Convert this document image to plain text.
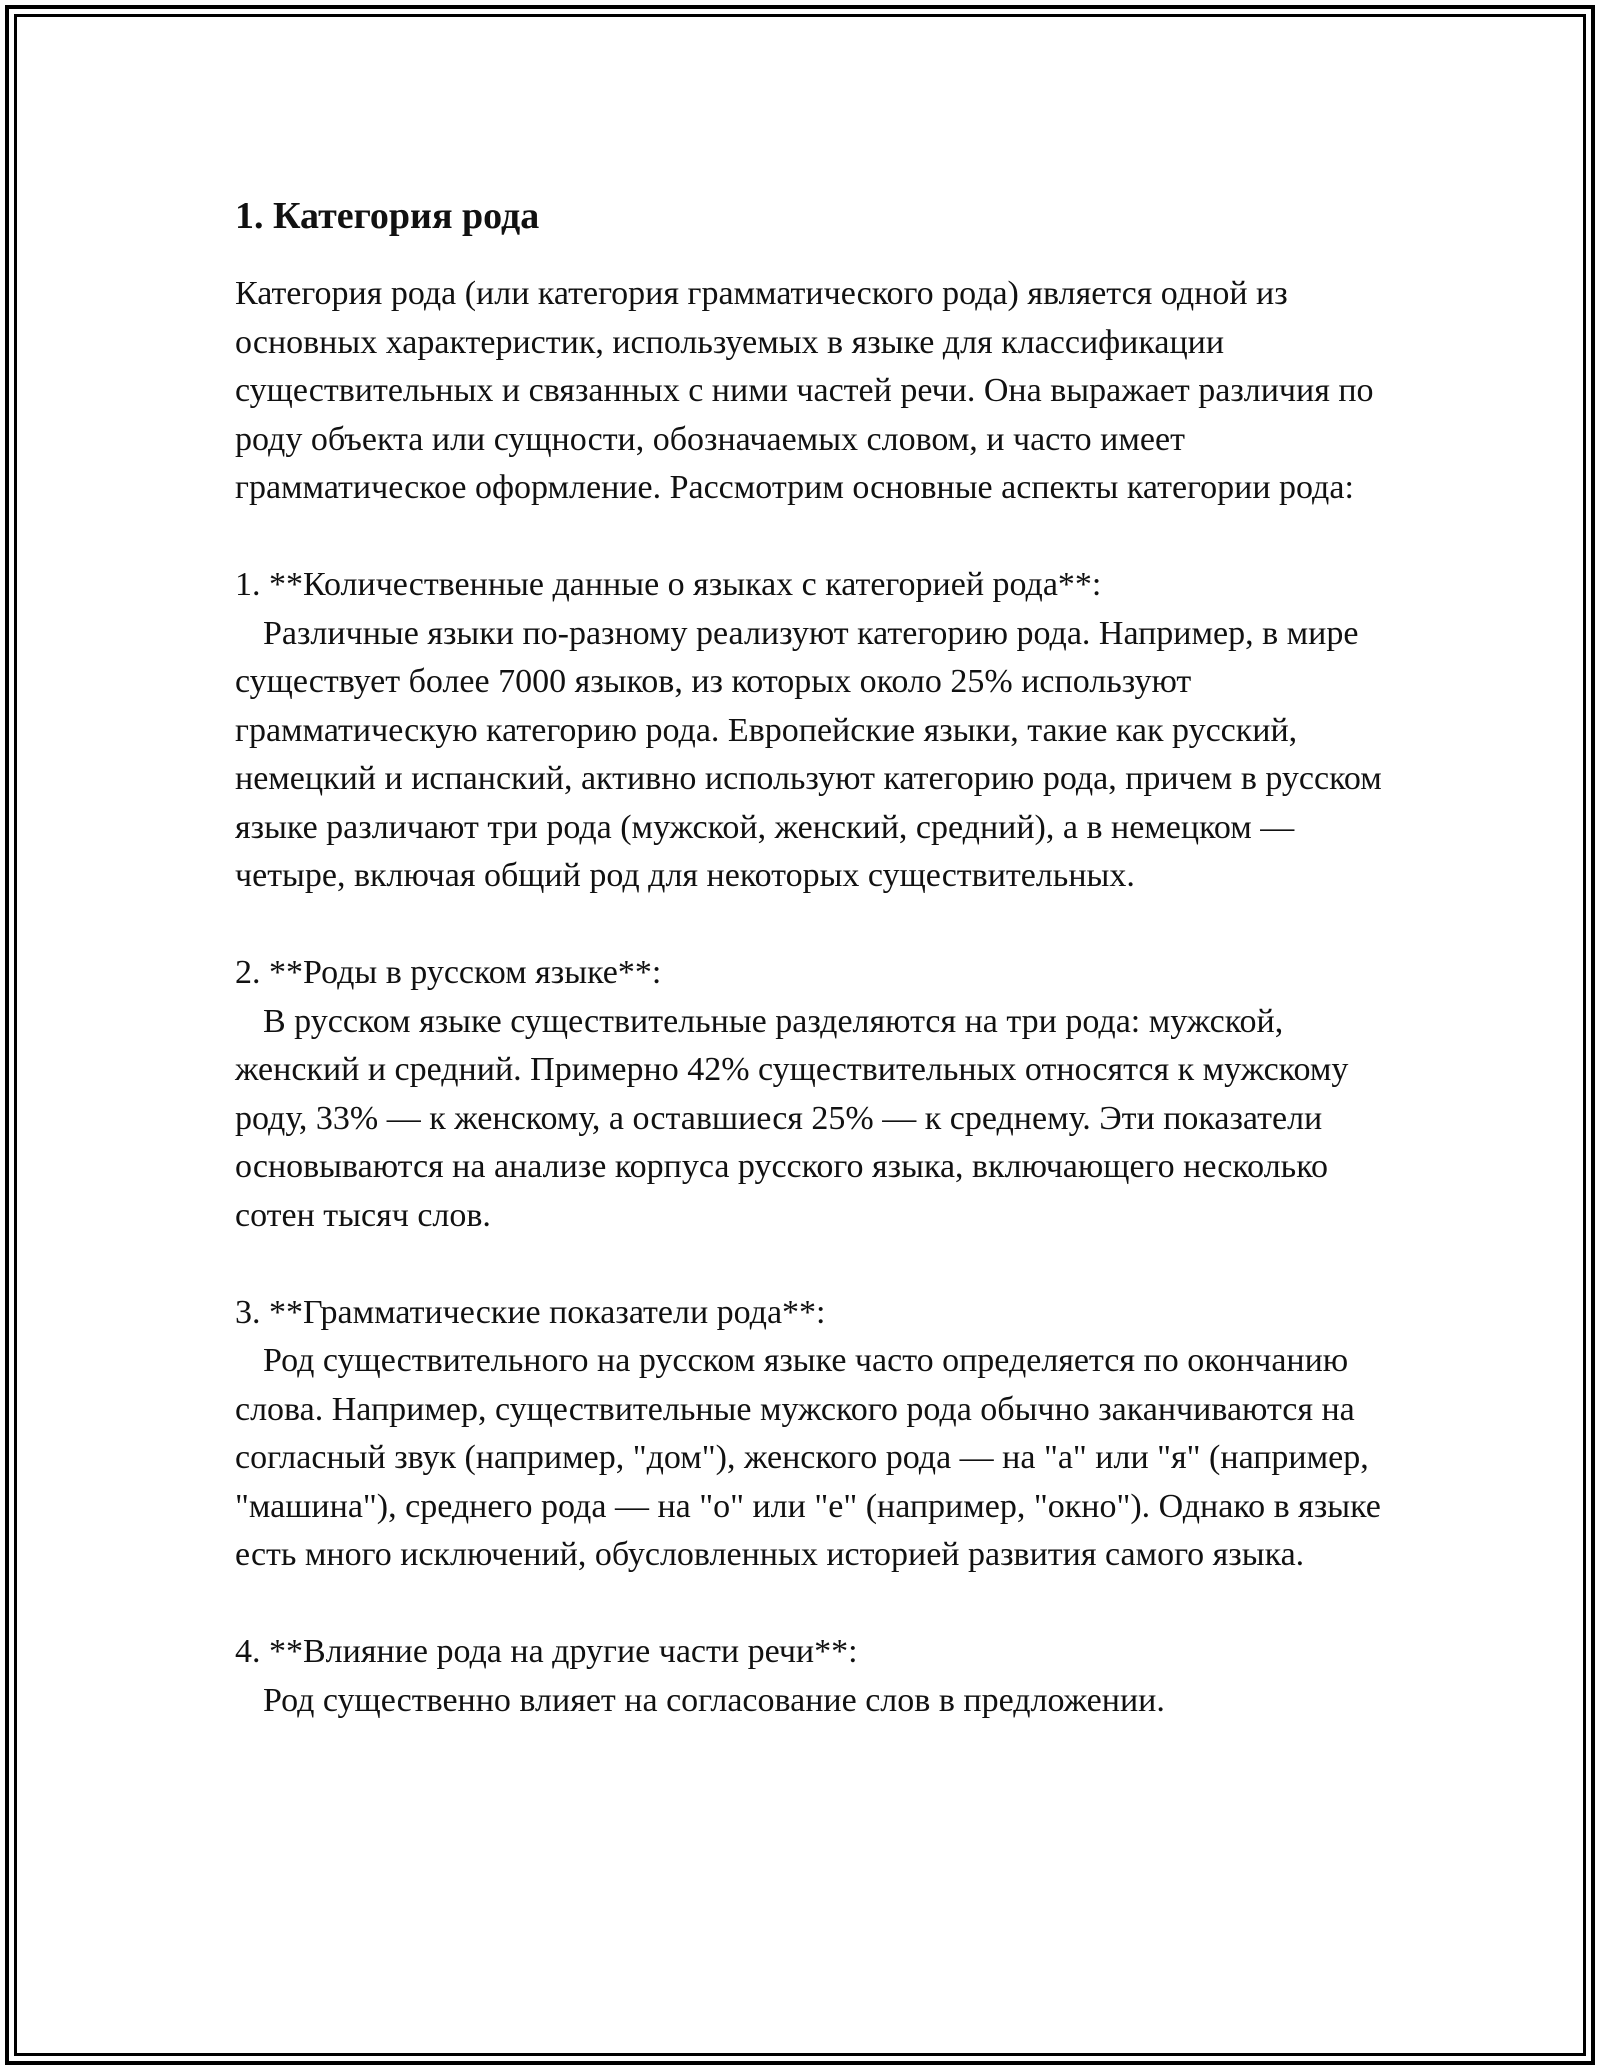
1. Категория рода

Категория рода (или категория грамматического рода) является одной из основных характеристик, используемых в языке для классификации существительных и связанных с ними частей речи. Она выражает различия по роду объекта или сущности, обозначаемых словом, и часто имеет грамматическое оформление. Рассмотрим основные аспекты категории рода:

1. **Количественные данные о языках с категорией рода**:

Различные языки по-разному реализуют категорию рода. Например, в мире существует более 7000 языков, из которых около 25% используют грамматическую категорию рода. Европейские языки, такие как русский, немецкий и испанский, активно используют категорию рода, причем в русском языке различают три рода (мужской, женский, средний), а в немецком — четыре, включая общий род для некоторых существительных.

2. **Роды в русском языке**:

В русском языке существительные разделяются на три рода: мужской, женский и средний. Примерно 42% существительных относятся к мужскому роду, 33% — к женскому, а оставшиеся 25% — к среднему. Эти показатели основываются на анализе корпуса русского языка, включающего несколько сотен тысяч слов.

3. **Грамматические показатели рода**:

Род существительного на русском языке часто определяется по окончанию слова. Например, существительные мужского рода обычно заканчиваются на согласный звук (например, "дом"), женского рода — на "а" или "я" (например, "машина"), среднего рода — на "о" или "е" (например, "окно"). Однако в языке есть много исключений, обусловленных историей развития самого языка.

4. **Влияние рода на другие части речи**:

Род существенно влияет на согласование слов в предложении.
